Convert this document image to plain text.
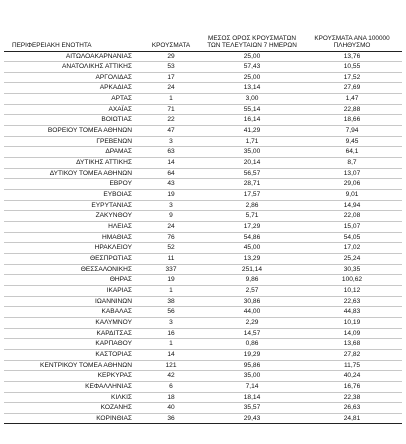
ΠΕΡΙΦΕΡΕΙΑΚΗ ΕΝΟΤΗΤΑ	ΚΡΟΥΣΜΑΤΑ	ΜΕΣΟΣ ΟΡΟΣ ΚΡΟΥΣΜΑΤΩΝ ΤΩΝ ΤΕΛΕΥΤΑΙΩΝ 7 ΗΜΕΡΩΝ	ΚΡΟΥΣΜΑΤΑ ΑΝΑ 100000 ΠΛΗΘΥΣΜΟ
ΑΙΤΩΛΟΑΚΑΡΝΑΝΙΑΣ	29	25,00	13,76
ΑΝΑΤΟΛΙΚΗΣ ΑΤΤΙΚΗΣ	53	57,43	10,55
ΑΡΓΟΛΙΔΑΣ	17	25,00	17,52
ΑΡΚΑΔΙΑΣ	24	13,14	27,69
ΑΡΤΑΣ	1	3,00	1,47
ΑΧΑΪΑΣ	71	55,14	22,88
ΒΟΙΩΤΙΑΣ	22	16,14	18,66
ΒΟΡΕΙΟΥ ΤΟΜΕΑ ΑΘΗΝΩΝ	47	41,29	7,94
ΓΡΕΒΕΝΩΝ	3	1,71	9,45
ΔΡΑΜΑΣ	63	35,00	64,1
ΔΥΤΙΚΗΣ ΑΤΤΙΚΗΣ	14	20,14	8,7
ΔΥΤΙΚΟΥ ΤΟΜΕΑ ΑΘΗΝΩΝ	64	56,57	13,07
ΕΒΡΟΥ	43	28,71	29,06
ΕΥΒΟΙΑΣ	19	17,57	9,01
ΕΥΡΥΤΑΝΙΑΣ	3	2,86	14,94
ΖΑΚΥΝΘΟΥ	9	5,71	22,08
ΗΛΕΙΑΣ	24	17,29	15,07
ΗΜΑΘΙΑΣ	76	54,86	54,05
ΗΡΑΚΛΕΙΟΥ	52	45,00	17,02
ΘΕΣΠΡΩΤΙΑΣ	11	13,29	25,24
ΘΕΣΣΑΛΟΝΙΚΗΣ	337	251,14	30,35
ΘΗΡΑΣ	19	9,86	100,62
ΙΚΑΡΙΑΣ	1	2,57	10,12
ΙΩΑΝΝΙΝΩΝ	38	30,86	22,63
ΚΑΒΑΛΑΣ	56	44,00	44,83
ΚΑΛΥΜΝΟΥ	3	2,29	10,19
ΚΑΡΔΙΤΣΑΣ	16	14,57	14,09
ΚΑΡΠΑΘΟΥ	1	0,86	13,68
ΚΑΣΤΟΡΙΑΣ	14	19,29	27,82
ΚΕΝΤΡΙΚΟΥ ΤΟΜΕΑ ΑΘΗΝΩΝ	121	95,86	11,75
ΚΕΡΚΥΡΑΣ	42	35,00	40,24
ΚΕΦΑΛΛΗΝΙΑΣ	6	7,14	16,76
ΚΙΛΚΙΣ	18	18,14	22,38
ΚΟΖΑΝΗΣ	40	35,57	26,63
ΚΟΡΙΝΘΙΑΣ	36	29,43	24,81
